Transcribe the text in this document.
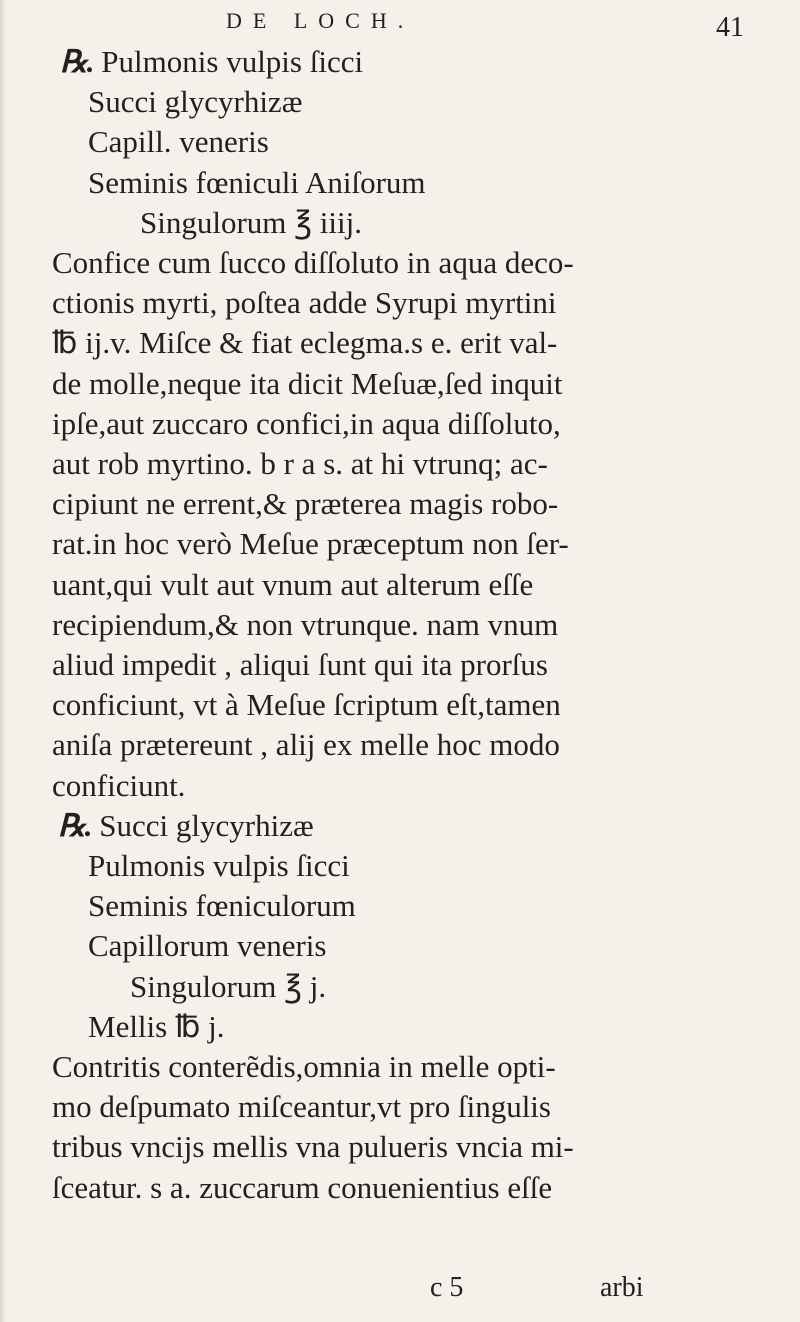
DE LOCH.	41
℞. Pulmonis vulpis ſicci
Succi glycyrhizæ
Capill. veneris
Seminis fœniculi Aniſorum
Singulorum ℥ iiij.
Confice cum ſucco diſſoluto in aqua deco-
ctionis myrti, poſtea adde Syrupi myrtini
℔ ij.v. Miſce & fiat eclegma.s e. erit val-
de molle,neque ita dicit Meſuæ,ſed inquit
ipſe,aut zuccaro confici,in aqua diſſoluto,
aut rob myrtino. b r a s. at hi vtrunq; ac-
cipiunt ne errent,& præterea magis robo-
rat.in hoc verò Meſue præceptum non ſer-
uant,qui vult aut vnum aut alterum eſſe
recipiendum,& non vtrunque. nam vnum
aliud impedit , aliqui ſunt qui ita prorſus
conficiunt, vt à Meſue ſcriptum eſt,tamen
aniſa prætereunt , alij ex melle hoc modo
conficiunt.
℞. Succi glycyrhizæ
Pulmonis vulpis ſicci
Seminis fœniculorum
Capillorum veneris
Singulorum ℥ j.
Mellis ℔ j.
Contritis conterẽdis,omnia in melle opti-
mo deſpumato miſceantur,vt pro ſingulis
tribus vncijs mellis vna pulueris vncia mi-
ſceatur. s a. zuccarum conuenientius eſſe
c 5	arbi
